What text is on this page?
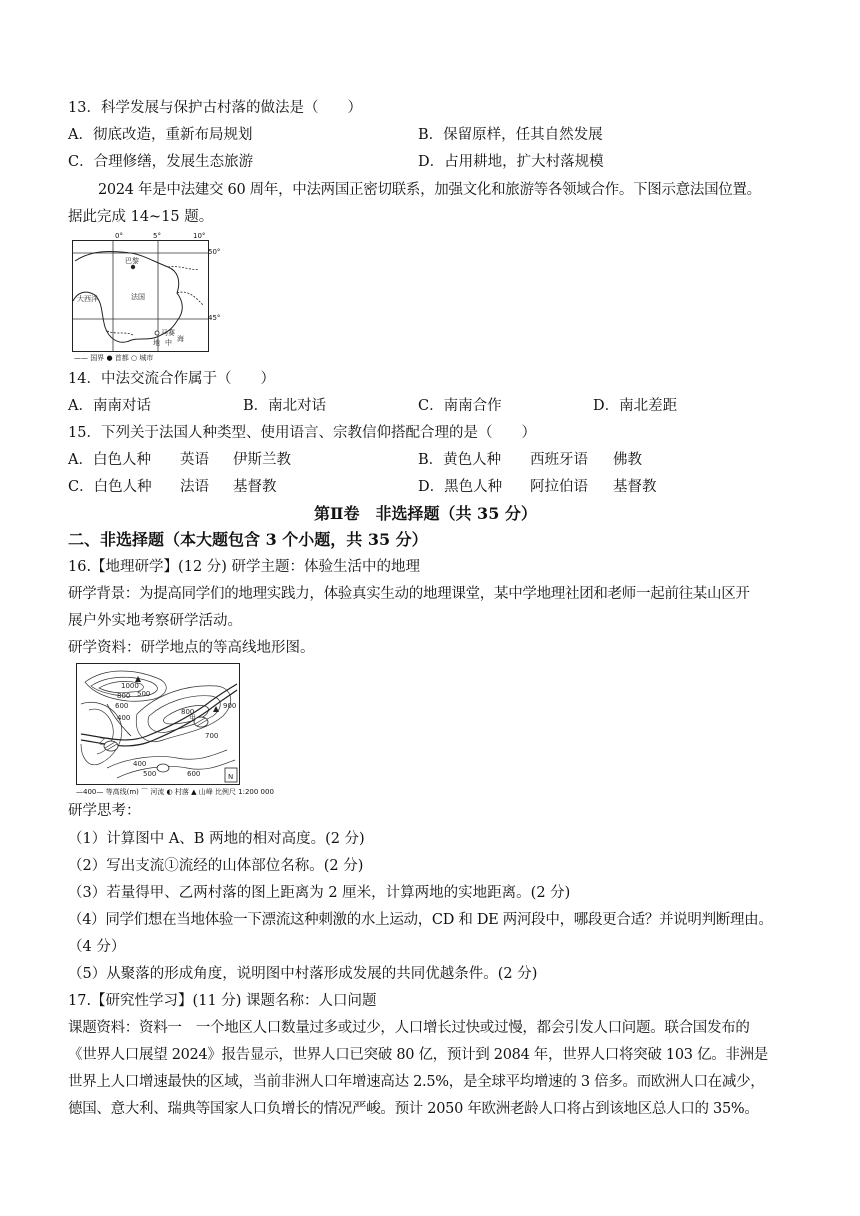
13．科学发展与保护古村落的做法是（　　）
A．彻底改造，重新布局规划	B．保留原样，任其自然发展
C．合理修缮，发展生态旅游	D．占用耕地，扩大村落规模
2024 年是中法建交 60 周年，中法两国正密切联系，加强文化和旅游等各领域合作。下图示意法国位置。
据此完成 14~15 题。
巴黎
法国
大西洋
马赛
海
地 中
0°	5°	10°
50°
45°
—— 国界 ● 首都 ○ 城市
14．中法交流合作属于（　　）
A．南南对话	B．南北对话	C．南南合作	D．南北差距
15．下列关于法国人种类型、使用语言、宗教信仰搭配合理的是（　　）
A．白色人种 英语 伊斯兰教	B．黄色人种 西班牙语 佛教
C．白色人种 法语 基督教	D．黑色人种 阿拉伯语 基督教
第Ⅱ卷　非选择题（共 35 分）
二、非选择题（本大题包含 3 个小题，共 35 分）
16.【地理研学】(12 分) 研学主题：体验生活中的地理
研学背景：为提高同学们的地理实践力，体验真实生动的地理课堂，某中学地理社团和老师一起前往某山区开
展户外实地考察研学活动。
研学资料：研学地点的等高线地形图。
N
1000
800
600
400
500
900
700
800
400
500	600
甲
乙
—400— 等高线(m) ⌒ 河流 ◐ 村落 ▲ 山峰 比例尺 1:200 000
研学思考：
（1）计算图中 A、B 两地的相对高度。(2 分)
（2）写出支流①流经的山体部位名称。(2 分)
（3）若量得甲、乙两村落的图上距离为 2 厘米，计算两地的实地距离。(2 分)
（4）同学们想在当地体验一下漂流这种刺激的水上运动，CD 和 DE 两河段中，哪段更合适？并说明判断理由。
（4 分）
（5）从聚落的形成角度，说明图中村落形成发展的共同优越条件。(2 分)
17.【研究性学习】(11 分) 课题名称：人口问题
课题资料：资料一　一个地区人口数量过多或过少，人口增长过快或过慢，都会引发人口问题。联合国发布的
《世界人口展望 2024》报告显示，世界人口已突破 80 亿，预计到 2084 年，世界人口将突破 103 亿。非洲是
世界上人口增速最快的区域，当前非洲人口年增速高达 2.5%，是全球平均增速的 3 倍多。而欧洲人口在减少，
德国、意大利、瑞典等国家人口负增长的情况严峻。预计 2050 年欧洲老龄人口将占到该地区总人口的 35%。
